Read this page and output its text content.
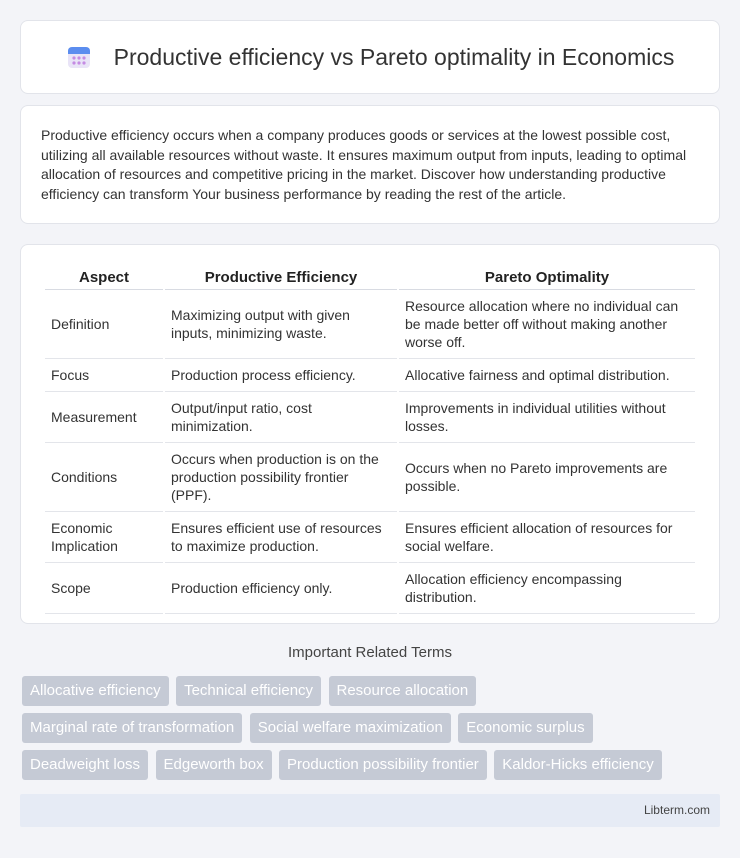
Productive efficiency vs Pareto optimality in Economics

Productive efficiency occurs when a company produces goods or services at the lowest possible cost, utilizing all available resources without waste. It ensures maximum output from inputs, leading to optimal allocation of resources and competitive pricing in the market. Discover how understanding productive efficiency can transform Your business performance by reading the rest of the article.

Aspect	Productive Efficiency	Pareto Optimality
Definition	Maximizing output with given inputs, minimizing waste.	Resource allocation where no individual can be made better off without making another worse off.
Focus	Production process efficiency.	Allocative fairness and optimal distribution.
Measurement	Output/input ratio, cost minimization.	Improvements in individual utilities without losses.
Conditions	Occurs when production is on the production possibility frontier (PPF).	Occurs when no Pareto improvements are possible.
Economic Implication	Ensures efficient use of resources to maximize production.	Ensures efficient allocation of resources for social welfare.
Scope	Production efficiency only.	Allocation efficiency encompassing distribution.
Important Related Terms
Allocative efficiency Technical efficiency Resource allocation
Marginal rate of transformation Social welfare maximization Economic surplus
Deadweight loss Edgeworth box Production possibility frontier Kaldor-Hicks efficiency
Libterm.com
